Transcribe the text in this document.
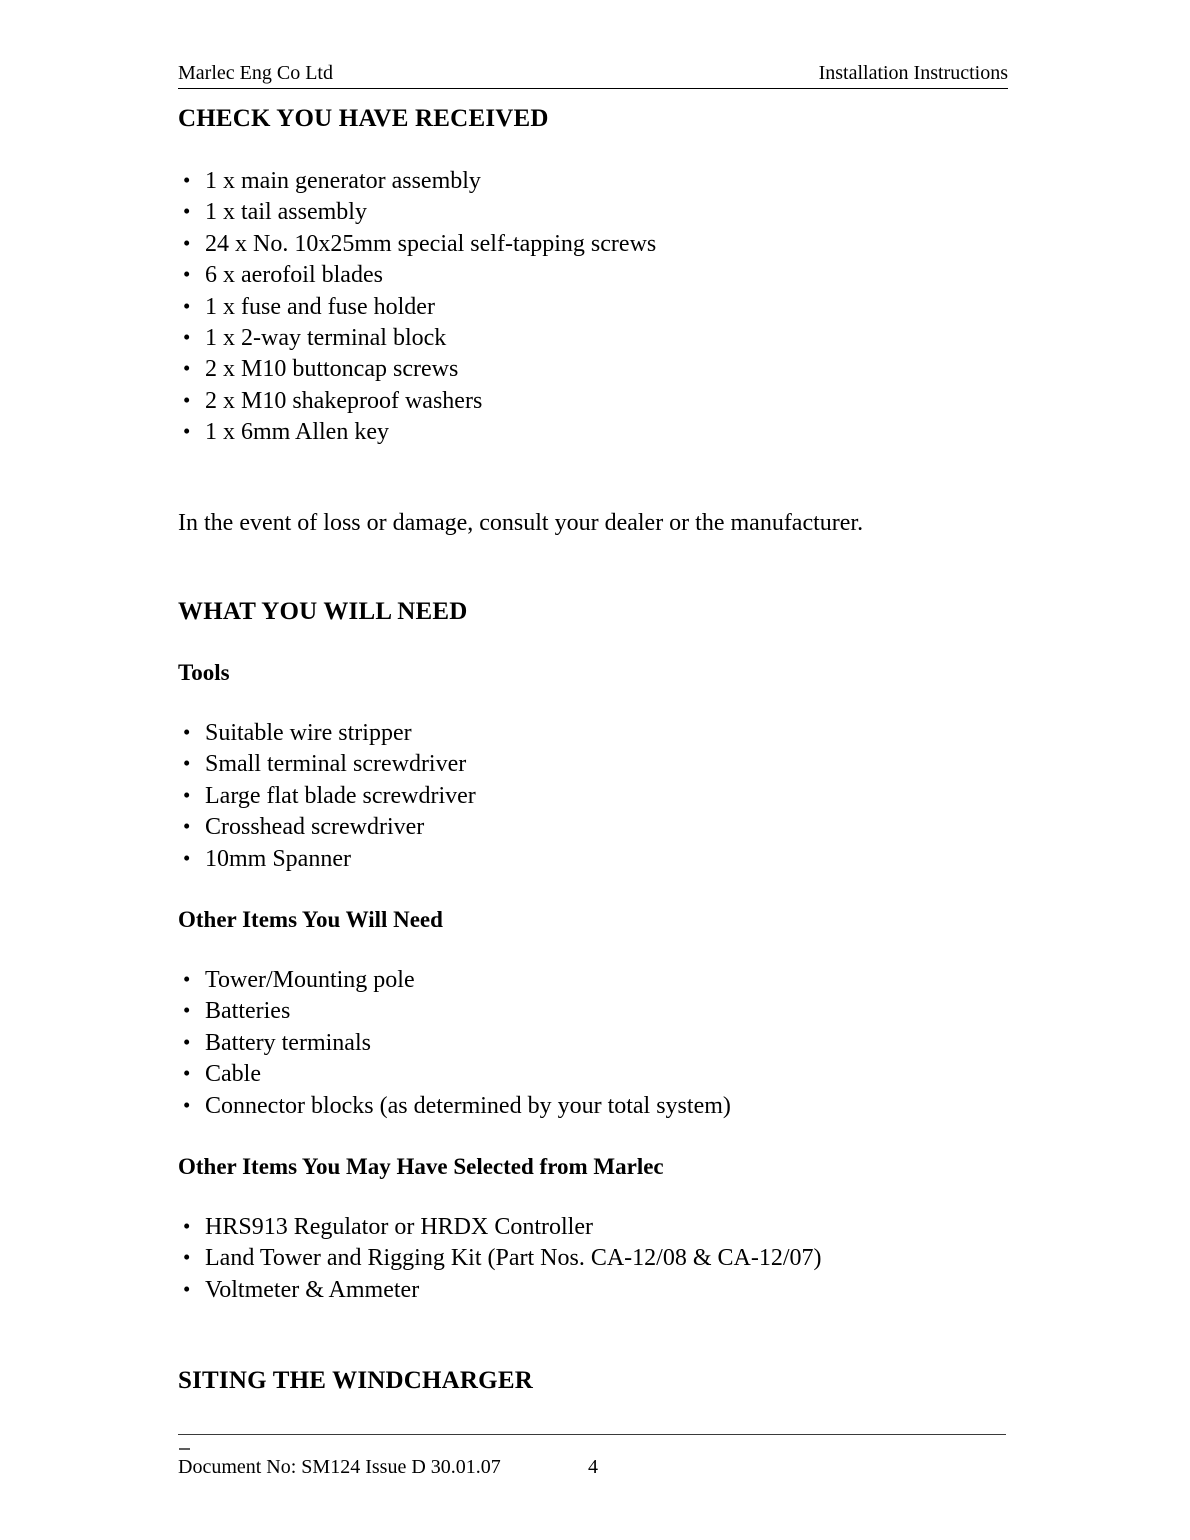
Marlec Eng Co Ltd	Installation Instructions
CHECK YOU HAVE RECEIVED
• 1 x main generator assembly
• 1 x tail assembly
• 24 x No. 10x25mm special self-tapping screws
• 6 x aerofoil blades
• 1 x fuse and fuse holder
• 1 x 2-way terminal block
• 2 x M10 buttoncap screws
• 2 x M10 shakeproof washers
• 1 x 6mm Allen key

In the event of loss or damage, consult your dealer or the manufacturer.

WHAT YOU WILL NEED
Tools
• Suitable wire stripper
• Small terminal screwdriver
• Large flat blade screwdriver
• Crosshead screwdriver
• 10mm Spanner
Other Items You Will Need
• Tower/Mounting pole
• Batteries
• Battery terminals
• Cable
• Connector blocks (as determined by your total system)
Other Items You May Have Selected from Marlec
• HRS913 Regulator or HRDX Controller
• Land Tower and Rigging Kit (Part Nos. CA-12/08 & CA-12/07)
• Voltmeter & Ammeter
SITING THE WINDCHARGER
Document No: SM124 Issue D 30.01.07	4
